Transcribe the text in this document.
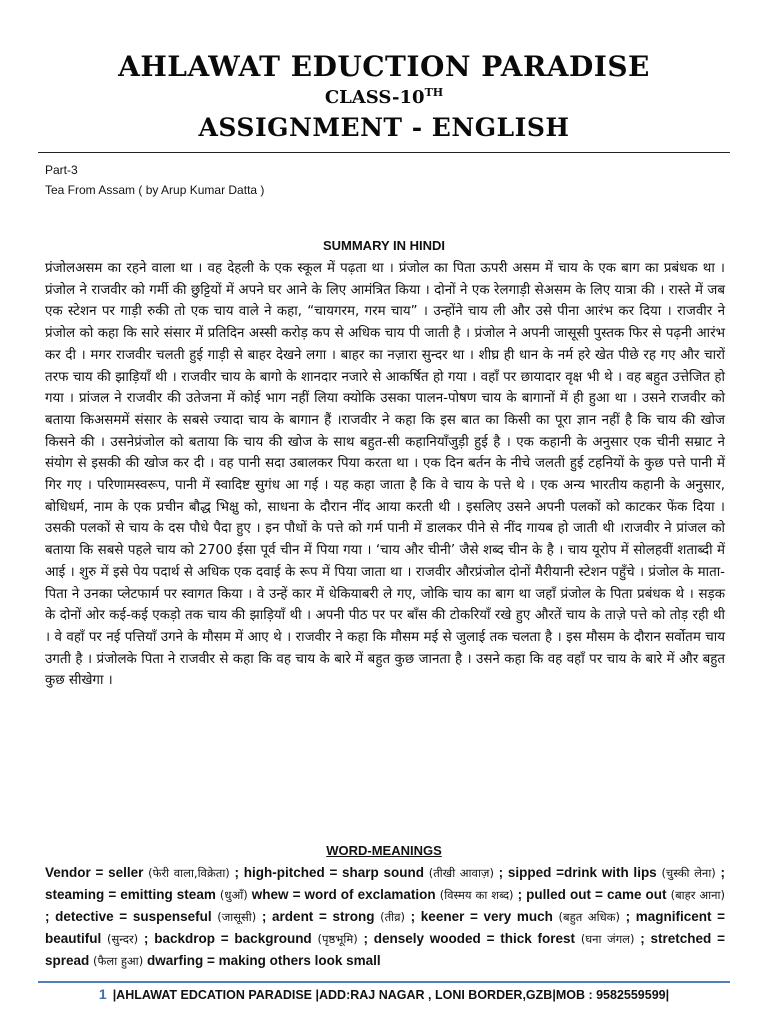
AHLAWAT EDUCTION PARADISE
CLASS-10TH
ASSIGNMENT - ENGLISH
Part-3
Tea From Assam ( by Arup Kumar Datta )
SUMMARY IN HINDI

प्रंजोलअसम का रहने वाला था । वह देहली के एक स्कूल में पढ़ता था । प्रंजोल का पिता ऊपरी असम में चाय के एक बाग का प्रबंधक था । प्रंजोल ने राजवीर को गर्मी की छुट्टियों में अपने घर आने के लिए आमंत्रित किया । दोनों ने एक रेलगाड़ी सेअसम के लिए यात्रा की । रास्ते में जब एक स्टेशन पर गाड़ी रुकी तो एक चाय वाले ने कहा, “चायगरम, गरम चाय” । उन्होंने चाय ली और उसे पीना आरंभ कर दिया । राजवीर ने प्रंजोल को कहा कि सारे संसार में प्रतिदिन अस्सी करोड़ कप से अधिक चाय पी जाती है । प्रंजोल ने अपनी जासूसी पुस्तक फिर से पढ़नी आरंभ कर दी । मगर राजवीर चलती हुई गाड़ी से बाहर देखने लगा । बाहर का नज़ारा सुन्दर था । शीघ्र ही धान के नर्म हरे खेत पीछे रह गए और चारों तरफ चाय की झाड़ियाँ थी । राजवीर चाय के बागो के शानदार नजारे से आकर्षित हो गया । वहाँ पर छायादार वृक्ष भी थे । वह बहुत उत्तेजित हो गया । प्रांजल ने राजवीर की उतेजना में कोई भाग नहीं लिया क्योकि उसका पालन-पोषण चाय के बागानों में ही हुआ था । उसने राजवीर को बताया किअसममें संसार के सबसे ज्यादा चाय के बागान हैं ।राजवीर ने कहा कि इस बात का किसी का पूरा ज्ञान नहीं है कि चाय की खोज किसने की । उसनेप्रंजोल को बताया कि चाय की खोज के साथ बहुत-सी कहानियाँजुड़ी हुई है । एक कहानी के अनुसार एक चीनी सम्राट ने संयोग से इसकी की खोज कर दी । वह पानी सदा उबालकर पिया करता था । एक दिन बर्तन के नीचे जलती हुई टहनियों के कुछ पत्ते पानी में गिर गए । परिणामस्वरूप, पानी में स्वादिष्ट सुगंध आ गई । यह कहा जाता है कि वे चाय के पत्ते थे । एक अन्य भारतीय कहानी के अनुसार, बोधिधर्म, नाम के एक प्रचीन बौद्ध भिक्षु को, साधना के दौरान नींद आया करती थी । इसलिए उसने अपनी पलकों को काटकर फेंक दिया । उसकी पलकों से चाय के दस पौधे पैदा हुए । इन पौधों के पत्ते को गर्म पानी में डालकर पीने से नींद गायब हो जाती थी ।राजवीर ने प्रांजल को बताया कि सबसे पहले चाय को 2700 ईसा पूर्व चीन में पिया गया । ‘चाय और चीनी’ जैसे शब्द चीन के है । चाय यूरोप में सोलहवीं शताब्दी में आई । शुरु में इसे पेय पदार्थ से अधिक एक दवाई के रूप में पिया जाता था । राजवीर औरप्रंजोल दोनों मैरीयानी स्टेशन पहुँचे । प्रंजोल के माता-पिता ने उनका प्लेटफार्म पर स्वागत किया । वे उन्हें कार में धेकियाबरी ले गए, जोकि चाय का बाग था जहाँ प्रंजोल के पिता प्रबंधक थे । सड़क के दोनों ओर कई-कई एकड़ो तक चाय की झाड़ियाँ थी । अपनी पीठ पर पर बाँस की टोकरियाँ रखे हुए औरतें चाय के ताज़े पत्ते को तोड़ रही थी । वे वहाँ पर नई पत्तियाँ उगने के मौसम में आए थे । राजवीर ने कहा कि मौसम मई से जुलाई तक चलता है । इस मौसम के दौरान सर्वोतम चाय उगती है । प्रंजोलके पिता ने राजवीर से कहा कि वह चाय के बारे में बहुत कुछ जानता है । उसने कहा कि वह वहाँ पर चाय के बारे में और बहुत कुछ सीखेगा ।

WORD-MEANINGS

Vendor = seller (फेरी वाला,विक्रेता) ; high-pitched = sharp sound (तीखी आवाज़) ; sipped =drink with lips (चुस्की लेना) ; steaming = emitting steam (धुआँ) whew = word of exclamation (विस्मय का शब्द) ; pulled out = came out (बाहर आना) ; detective = suspenseful (जासूसी) ; ardent = strong (तीव्र) ; keener = very much (बहुत अधिक) ; magnificent = beautiful (सुन्दर) ; backdrop = background (पृष्ठभूमि) ; densely wooded = thick forest (घना जंगल) ; stretched = spread (फैला हुआ) dwarfing = making others look small

1 |AHLAWAT EDCATION PARADISE |ADD:RAJ NAGAR , LONI BORDER,GZB|MOB : 9582559599|
